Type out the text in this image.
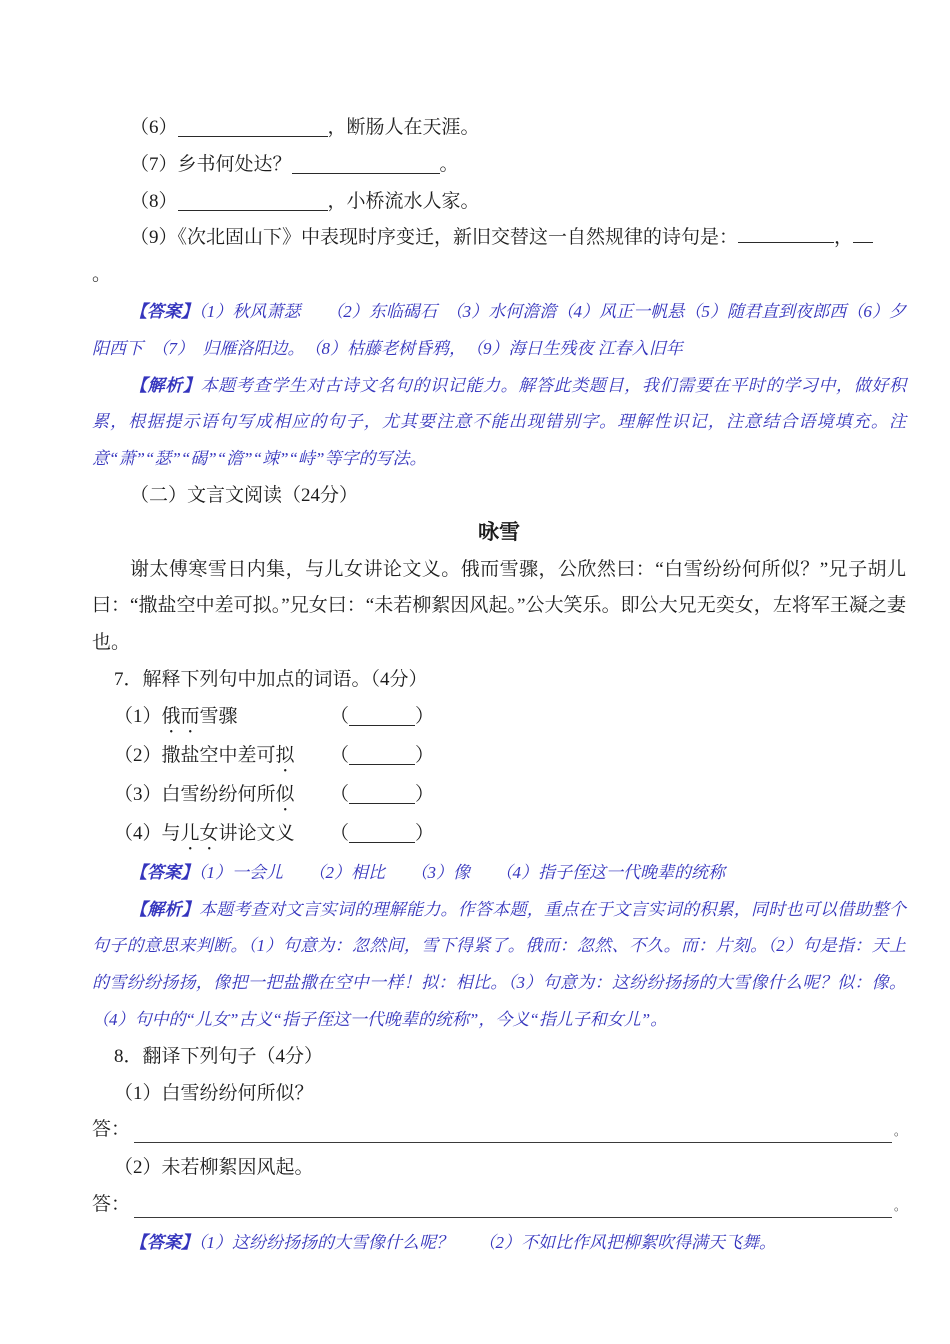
（6）	，断肠人在天涯。

（7）乡书何处达？	。

（8）	，小桥流水人家。

（9）《次北固山下》中表现时序变迁，新旧交替这一自然规律的诗句是：	，

。

【答案】（1）秋风萧瑟　　（2）东临碣石　（3）水何澹澹（4）风正一帆悬（5）随君直到夜郎西（6）夕阳西下　（7）　归雁洛阳边。　（8）枯藤老树昏鸦，　（9）海日生残夜 江春入旧年

【解析】本题考查学生对古诗文名句的识记能力。解答此类题目，我们需要在平时的学习中，做好积累，根据提示语句写成相应的句子，尤其要注意不能出现错别字。理解性识记，注意结合语境填充。注意“萧”“瑟”“碣”“澹”“竦”“峙”等字的写法。

（二）文言文阅读（24分）

咏雪

谢太傅寒雪日内集，与儿女讲论文义。俄而雪骤，公欣然曰：“白雪纷纷何所似？”兄子胡儿曰：“撒盐空中差可拟。”兄女曰：“未若柳絮因风起。”公大笑乐。即公大兄无奕女，左将军王凝之妻也。

7．解释下列句中加点的词语。（4分）

（1）俄而雪骤	（	）
（2）撒盐空中差可拟	（	）
（3）白雪纷纷何所似	（	）
（4）与儿女讲论文义	（	）

【答案】（1）一会儿　　（2）相比　　（3）像　　（4）指子侄这一代晚辈的统称

【解析】本题考查对文言实词的理解能力。作答本题，重点在于文言实词的积累，同时也可以借助整个句子的意思来判断。（1）句意为：忽然间，雪下得紧了。俄而：忽然、不久。而：片刻。（2）句是指：天上的雪纷纷扬扬，像把一把盐撒在空中一样！拟：相比。（3）句意为：这纷纷扬扬的大雪像什么呢？似：像。（4）句中的“儿女”古义“指子侄这一代晚辈的统称”，今义“指儿子和女儿”。

8．翻译下列句子（4分）

（1）白雪纷纷何所似？

答：	。

（2）未若柳絮因风起。

答：	。

【答案】（1）这纷纷扬扬的大雪像什么呢？　　（2）不如比作风把柳絮吹得满天飞舞。
